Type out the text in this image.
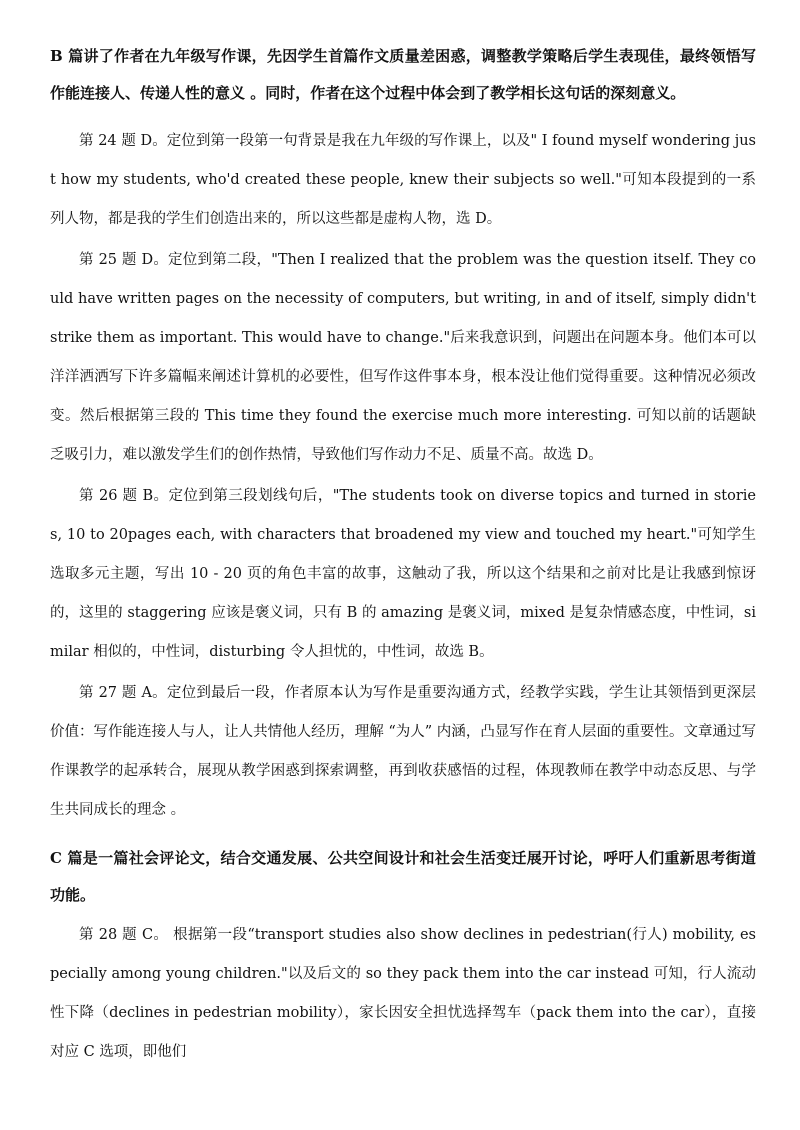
B 篇讲了作者在九年级写作课，先因学生首篇作文质量差困惑，调整教学策略后学生表现佳，最终领悟写作能连接人、传递人性的意义 。同时，作者在这个过程中体会到了教学相长这句话的深刻意义。

第 24 题 D。定位到第一段第一句背景是我在九年级的写作课上，以及" I found myself wondering just how my students, who'd created these people, knew their subjects so well."可知本段提到的一系列人物，都是我的学生们创造出来的，所以这些都是虚构人物，选 D。

第 25 题 D。定位到第二段，"Then I realized that the problem was the question itself. They could have written pages on the necessity of computers, but writing, in and of itself, simply didn't strike them as important. This would have to change."后来我意识到，问题出在问题本身。他们本可以洋洋洒洒写下许多篇幅来阐述计算机的必要性，但写作这件事本身，根本没让他们觉得重要。这种情况必须改变。然后根据第三段的 This time they found the exercise much more interesting. 可知以前的话题缺乏吸引力，难以激发学生们的创作热情，导致他们写作动力不足、质量不高。故选 D。

第 26 题 B。定位到第三段划线句后，"The students took on diverse topics and turned in stories, 10 to 20pages each, with characters that broadened my view and touched my heart."可知学生选取多元主题，写出 10 - 20 页的角色丰富的故事，这触动了我，所以这个结果和之前对比是让我感到惊讶的，这里的 staggering 应该是褒义词，只有 B 的 amazing 是褒义词，mixed 是复杂情感态度，中性词，similar 相似的，中性词，disturbing 令人担忧的，中性词，故选 B。

第 27 题 A。定位到最后一段，作者原本认为写作是重要沟通方式，经教学实践，学生让其领悟到更深层价值：写作能连接人与人，让人共情他人经历，理解 “为人” 内涵，凸显写作在育人层面的重要性。文章通过写作课教学的起承转合，展现从教学困惑到探索调整，再到收获感悟的过程，体现教师在教学中动态反思、与学生共同成长的理念 。

C 篇是一篇社会评论文，结合交通发展、公共空间设计和社会生活变迁展开讨论，呼吁人们重新思考街道功能。

第 28 题 C。 根据第一段“transport studies also show declines in pedestrian(行人) mobility, especially among young children."以及后文的 so they pack them into the car instead 可知，行人流动性下降（declines in pedestrian mobility），家长因安全担忧选择驾车（pack them into the car），直接对应 C 选项，即他们
